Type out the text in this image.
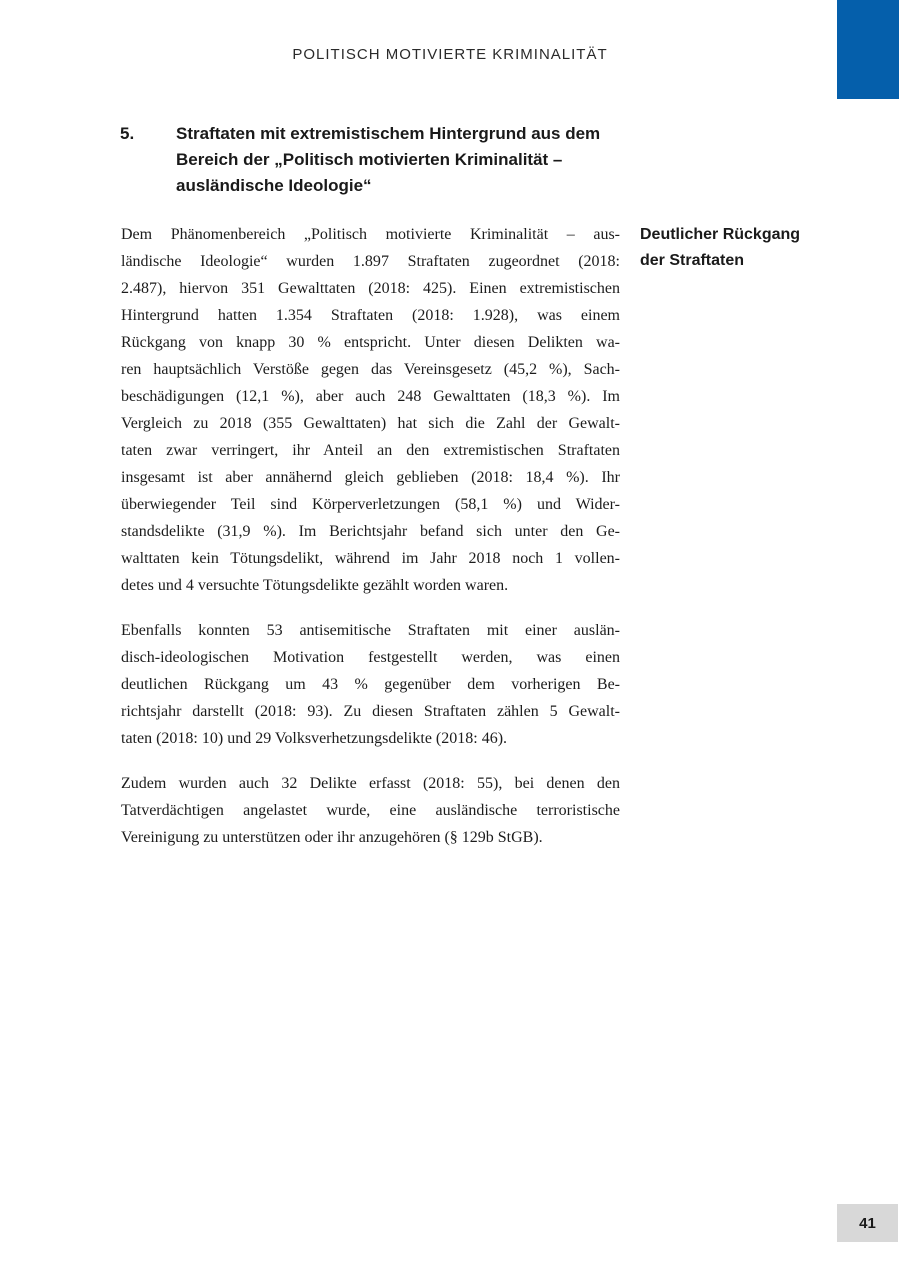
POLITISCH MOTIVIERTE KRIMINALITÄT
5. Straftaten mit extremistischem Hintergrund aus dem
Bereich der „Politisch motivierten Kriminalität –
ausländische Ideologie“
Deutlicher Rückgang
der Straftaten
Dem Phänomenbereich „Politisch motivierte Kriminalität – aus-
ländische Ideologie“ wurden 1.897 Straftaten zugeordnet (2018:
2.487), hiervon 351 Gewalttaten (2018: 425). Einen extremistischen
Hintergrund hatten 1.354 Straftaten (2018: 1.928), was einem
Rückgang von knapp 30 % entspricht. Unter diesen Delikten wa-
ren hauptsächlich Verstöße gegen das Vereinsgesetz (45,2 %), Sach-
beschädigungen (12,1 %), aber auch 248 Gewalttaten (18,3 %). Im
Vergleich zu 2018 (355 Gewalttaten) hat sich die Zahl der Gewalt-
taten zwar verringert, ihr Anteil an den extremistischen Straftaten
insgesamt ist aber annähernd gleich geblieben (2018: 18,4 %). Ihr
überwiegender Teil sind Körperverletzungen (58,1 %) und Wider-
standsdelikte (31,9 %). Im Berichtsjahr befand sich unter den Ge-
walttaten kein Tötungsdelikt, während im Jahr 2018 noch 1 vollen-
detes und 4 versuchte Tötungsdelikte gezählt worden waren.
Ebenfalls konnten 53 antisemitische Straftaten mit einer auslän-
disch-ideologischen Motivation festgestellt werden, was einen
deutlichen Rückgang um 43 % gegenüber dem vorherigen Be-
richtsjahr darstellt (2018: 93). Zu diesen Straftaten zählen 5 Gewalt-
taten (2018: 10) und 29 Volksverhetzungsdelikte (2018: 46).
Zudem wurden auch 32 Delikte erfasst (2018: 55), bei denen den
Tatverdächtigen angelastet wurde, eine ausländische terroristische
Vereinigung zu unterstützen oder ihr anzugehören (§ 129b StGB).
41
